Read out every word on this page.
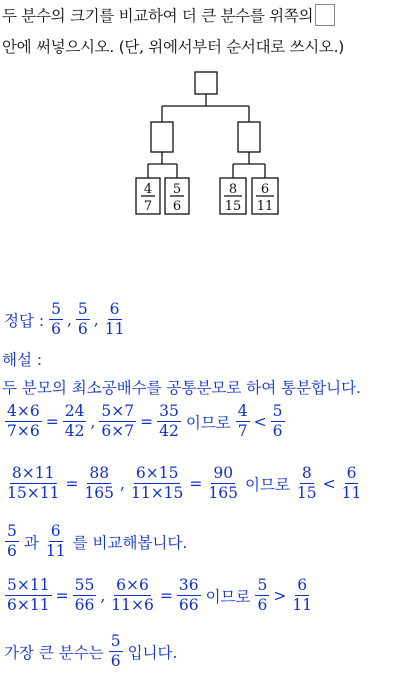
두 분수의 크기를 비교하여 더 큰 분수를 위쪽의
안에 써넣으시오. (단, 위에서부터 순서대로 쓰시오.)
4
7
5
6
8
15
6
11
정답 : $\frac{5}{6}$ , $\frac{5}{6}$ , $\frac{6}{11}$
해설 :
두 분모의 최소공배수를 공통분모로 하여 통분합니다.
$\frac{4\times 6}{7\times 6} = \frac{24}{42}$ , $\frac{5\times 7}{6\times 7} = \frac{35}{42}$ 이므로 $\frac{4}{7} < \frac{5}{6}$
$\frac{8\times 11}{15\times 11} = \frac{88}{165}$ , $\frac{6\times 15}{11\times 15} = \frac{90}{165}$ 이므로 $\frac{8}{15} < \frac{6}{11}$
$\frac{5}{6}$ 과 $\frac{6}{11}$ 를 비교해봅니다.
$\frac{5\times 11}{6\times 11} = \frac{55}{66}$ , $\frac{6\times 6}{11\times 6} = \frac{36}{66}$ 이므로 $\frac{5}{6} > \frac{6}{11}$
가장 큰 분수는 $\frac{5}{6}$ 입니다.
